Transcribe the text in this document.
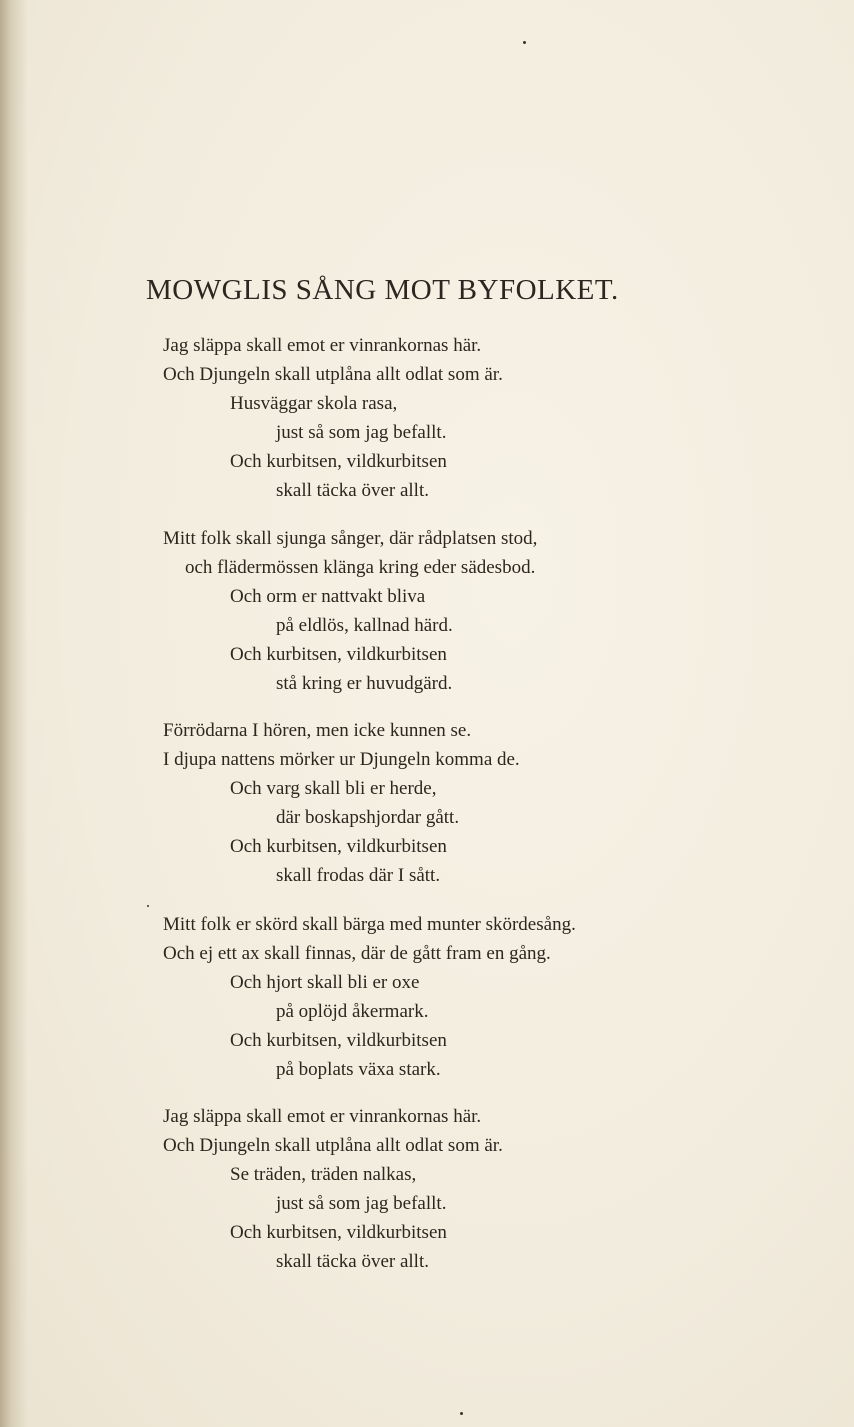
MOWGLIS SÅNG MOT BYFOLKET.
Jag släppa skall emot er vinrankornas här.
Och Djungeln skall utplåna allt odlat som är.
Husväggar skola rasa,
just så som jag befallt.
Och kurbitsen, vildkurbitsen
skall täcka över allt.
Mitt folk skall sjunga sånger, där rådplatsen stod,
och flädermössen klänga kring eder sädesbod.
Och orm er nattvakt bliva
på eldlös, kallnad härd.
Och kurbitsen, vildkurbitsen
stå kring er huvudgärd.
Förrödarna I hören, men icke kunnen se.
I djupa nattens mörker ur Djungeln komma de.
Och varg skall bli er herde,
där boskapshjordar gått.
Och kurbitsen, vildkurbitsen
skall frodas där I sått.
Mitt folk er skörd skall bärga med munter skördesång.
Och ej ett ax skall finnas, där de gått fram en gång.
Och hjort skall bli er oxe
på oplöjd åkermark.
Och kurbitsen, vildkurbitsen
på boplats växa stark.
Jag släppa skall emot er vinrankornas här.
Och Djungeln skall utplåna allt odlat som är.
Se träden, träden nalkas,
just så som jag befallt.
Och kurbitsen, vildkurbitsen
skall täcka över allt.
